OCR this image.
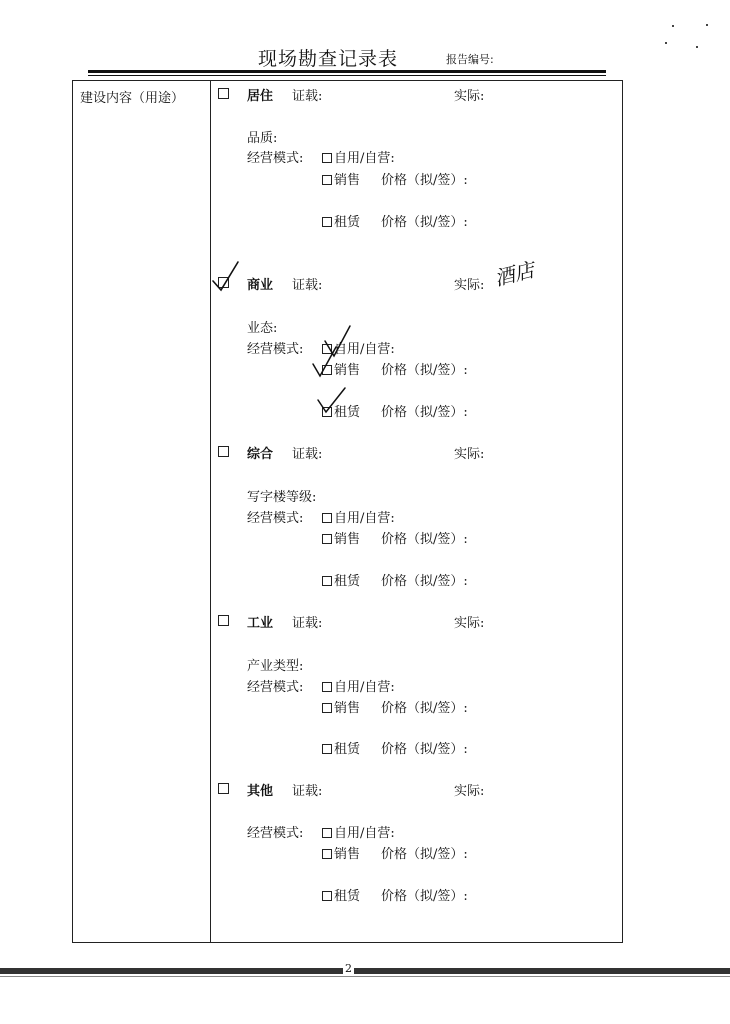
现场勘查记录表	报告编号:
建设内容（用途）	居住 证载:	实际:
品质:
经营模式:	自用/自营:
销售 价格（拟/签）:
租赁 价格（拟/签）:
商业 证载:	实际: 酒店
业态:
经营模式:	自用/自营:
销售 价格（拟/签）:
租赁 价格（拟/签）:
综合 证载:	实际:
写字楼等级:
经营模式:	自用/自营:
销售 价格（拟/签）:
租赁 价格（拟/签）:
工业 证载:	实际:
产业类型:
经营模式:	自用/自营:
销售 价格（拟/签）:
租赁 价格（拟/签）:
其他 证载:	实际:
经营模式:	自用/自营:
销售 价格（拟/签）:
租赁 价格（拟/签）:
2
